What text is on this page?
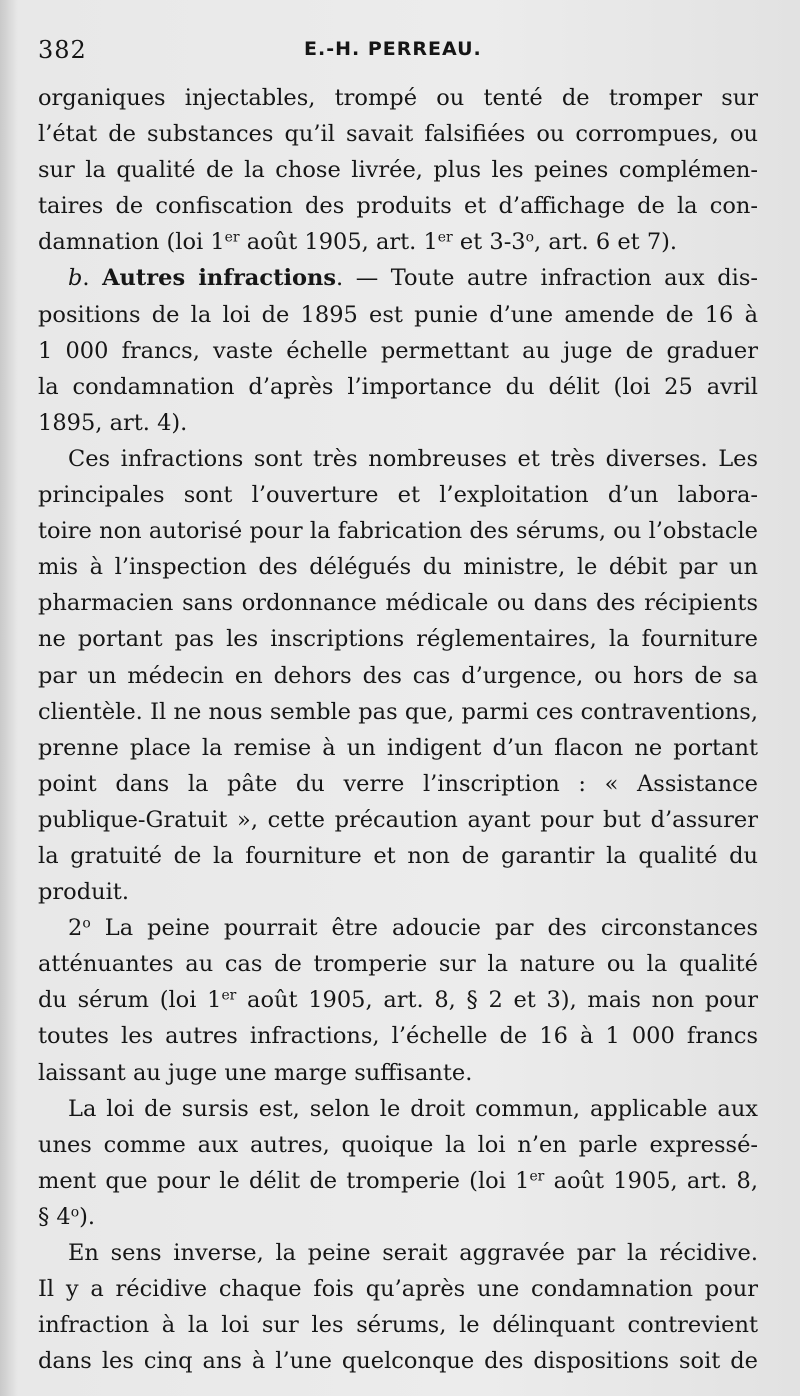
382	E.-H. PERREAU.
organiques injectables, trompé ou tenté de tromper sur
l’état de substances qu’il savait falsifiées ou corrompues, ou
sur la qualité de la chose livrée, plus les peines complémen-
taires de confiscation des produits et d’affichage de la con-
damnation (loi 1er août 1905, art. 1er et 3-3$^o$, art. 6 et 7).
b. Autres infractions. — Toute autre infraction aux dis-
positions de la loi de 1895 est punie d’une amende de 16 à
1 000 francs, vaste échelle permettant au juge de graduer
la condamnation d’après l’importance du délit (loi 25 avril
1895, art. 4).
Ces infractions sont très nombreuses et très diverses. Les
principales sont l’ouverture et l’exploitation d’un labora-
toire non autorisé pour la fabrication des sérums, ou l’obstacle
mis à l’inspection des délégués du ministre, le débit par un
pharmacien sans ordonnance médicale ou dans des récipients
ne portant pas les inscriptions réglementaires, la fourniture
par un médecin en dehors des cas d’urgence, ou hors de sa
clientèle. Il ne nous semble pas que, parmi ces contraventions,
prenne place la remise à un indigent d’un flacon ne portant
point dans la pâte du verre l’inscription : « Assistance
publique-Gratuit », cette précaution ayant pour but d’assurer
la gratuité de la fourniture et non de garantir la qualité du
produit.
2$^o$ La peine pourrait être adoucie par des circonstances
atténuantes au cas de tromperie sur la nature ou la qualité
du sérum (loi 1er août 1905, art. 8, § 2 et 3), mais non pour
toutes les autres infractions, l’échelle de 16 à 1 000 francs
laissant au juge une marge suffisante.
La loi de sursis est, selon le droit commun, applicable aux
unes comme aux autres, quoique la loi n’en parle expressé-
ment que pour le délit de tromperie (loi 1er août 1905, art. 8,
§ 4$^o$).
En sens inverse, la peine serait aggravée par la récidive.
Il y a récidive chaque fois qu’après une condamnation pour
infraction à la loi sur les sérums, le délinquant contrevient
dans les cinq ans à l’une quelconque des dispositions soit de
